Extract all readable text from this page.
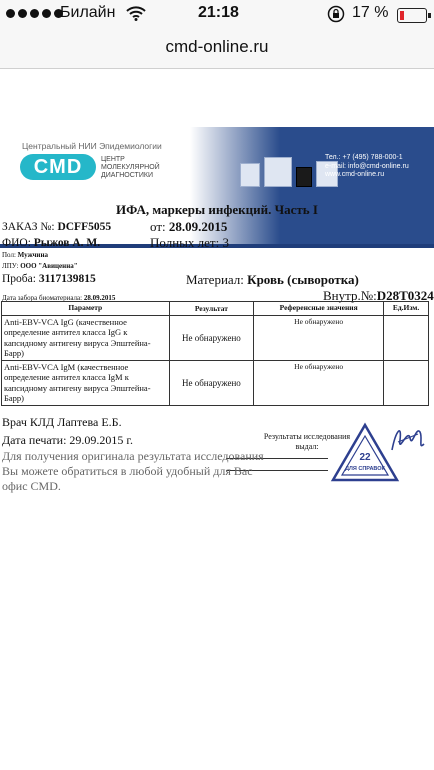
Билайн	21:18	17 %
cmd-online.ru
Центральный НИИ Эпидемиологии
CMD	ЦЕНТР МОЛЕКУЛЯРНОЙ ДИАГНОСТИКИ
Тел.: +7 (495) 788-000-1
e-mail: info@cmd-online.ru
www.cmd-online.ru
ИФА, маркеры инфекций. Часть I
ЗАКАЗ №: DCFF5055	от: 28.09.2015
ФИО: Рыжов А. М.	Полных лет: 3
Пол: Мужчина
ЛПУ: ООО "Авиценна"
Проба: 3117139815	Материал: Кровь (сыворотка)
Дата забора биоматериала: 28.09.2015	Внутр.№:D28T0324
Параметр	Результат	Референсные значения	Ед.Изм.
Anti-EBV-VCA IgG (качественное определение антител класса IgG к капсидному антигену вируса Эпштейна-Барр)	Не обнаружено	Не обнаружено	
Anti-EBV-VCA IgM (качественное определение антител класса IgM к капсидному антигену вируса Эпштейна-Барр)	Не обнаружено	Не обнаружено	
Врач КЛД Лаптева Е.Б.
Дата печати: 29.09.2015 г.	Результаты исследования выдал:
Для получения оригинала результата исследования
Вы можете обратиться в любой удобный для Вас
офис CMD.
22
ДЛЯ СПРАВОК
